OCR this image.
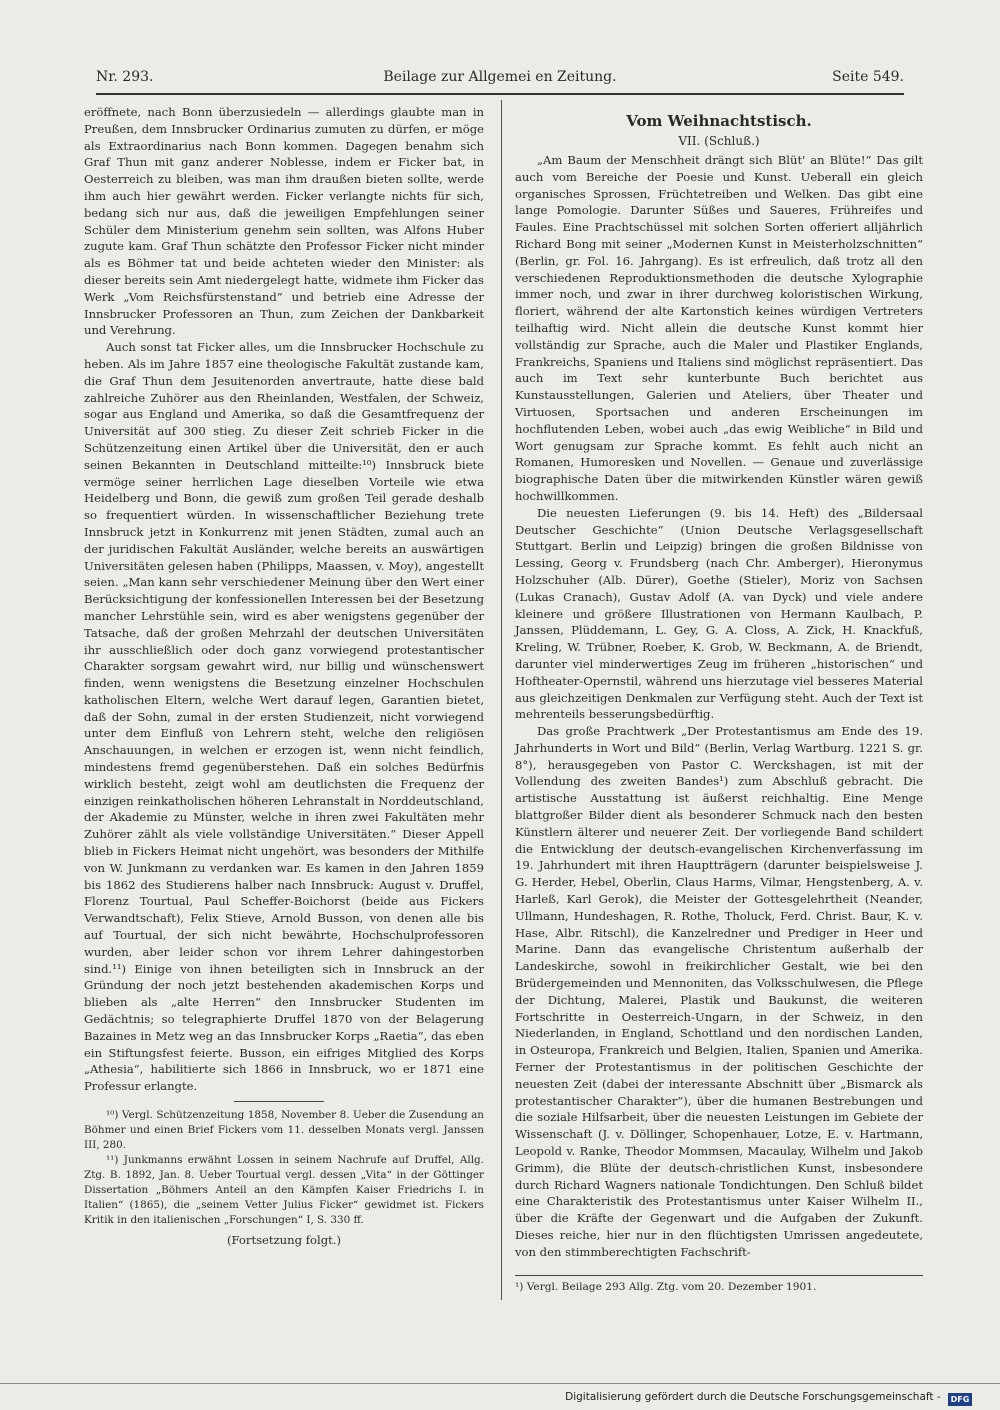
Nr. 293.	Beilage zur Allgemei en Zeitung.	Seite 549.

eröffnete, nach Bonn überzusiedeln — allerdings glaubte man in Preußen, dem Innsbrucker Ordinarius zumuten zu dürfen, er möge als Extraordinarius nach Bonn kommen. Dagegen benahm sich Graf Thun mit ganz anderer Noblesse, indem er Ficker bat, in Oesterreich zu bleiben, was man ihm draußen bieten sollte, werde ihm auch hier gewährt werden. Ficker verlangte nichts für sich, bedang sich nur aus, daß die jeweiligen Empfehlungen seiner Schüler dem Ministerium genehm sein sollten, was Alfons Huber zugute kam. Graf Thun schätzte den Professor Ficker nicht minder als es Böhmer tat und beide achteten wieder den Minister: als dieser bereits sein Amt niedergelegt hatte, widmete ihm Ficker das Werk „Vom Reichsfürstenstand“ und betrieb eine Adresse der Innsbrucker Professoren an Thun, zum Zeichen der Dankbarkeit und Verehrung.

Auch sonst tat Ficker alles, um die Innsbrucker Hochschule zu heben. Als im Jahre 1857 eine theologische Fakultät zustande kam, die Graf Thun dem Jesuitenorden anvertraute, hatte diese bald zahlreiche Zuhörer aus den Rheinlanden, Westfalen, der Schweiz, sogar aus England und Amerika, so daß die Gesamtfrequenz der Universität auf 300 stieg. Zu dieser Zeit schrieb Ficker in die Schützenzeitung einen Artikel über die Universität, den er auch seinen Bekannten in Deutschland mitteilte:¹⁰) Innsbruck biete vermöge seiner herrlichen Lage dieselben Vorteile wie etwa Heidelberg und Bonn, die gewiß zum großen Teil gerade deshalb so frequentiert würden. In wissenschaftlicher Beziehung trete Innsbruck jetzt in Konkurrenz mit jenen Städten, zumal auch an der juridischen Fakultät Ausländer, welche bereits an auswärtigen Universitäten gelesen haben (Philipps, Maassen, v. Moy), angestellt seien. „Man kann sehr verschiedener Meinung über den Wert einer Berücksichtigung der konfessionellen Interessen bei der Besetzung mancher Lehrstühle sein, wird es aber wenigstens gegenüber der Tatsache, daß der großen Mehrzahl der deutschen Universitäten ihr ausschließlich oder doch ganz vorwiegend protestantischer Charakter sorgsam gewahrt wird, nur billig und wünschenswert finden, wenn wenigstens die Besetzung einzelner Hochschulen katholischen Eltern, welche Wert darauf legen, Garantien bietet, daß der Sohn, zumal in der ersten Studienzeit, nicht vorwiegend unter dem Einfluß von Lehrern steht, welche den religiösen Anschauungen, in welchen er erzogen ist, wenn nicht feindlich, mindestens fremd gegenüberstehen. Daß ein solches Bedürfnis wirklich besteht, zeigt wohl am deutlichsten die Frequenz der einzigen reinkatholischen höheren Lehranstalt in Norddeutschland, der Akademie zu Münster, welche in ihren zwei Fakultäten mehr Zuhörer zählt als viele vollständige Universitäten.“ Dieser Appell blieb in Fickers Heimat nicht ungehört, was besonders der Mithilfe von W. Junkmann zu verdanken war. Es kamen in den Jahren 1859 bis 1862 des Studierens halber nach Innsbruck: August v. Druffel, Florenz Tourtual, Paul Scheffer-Boichorst (beide aus Fickers Verwandtschaft), Felix Stieve, Arnold Busson, von denen alle bis auf Tourtual, der sich nicht bewährte, Hochschulprofessoren wurden, aber leider schon vor ihrem Lehrer dahingestorben sind.¹¹) Einige von ihnen beteiligten sich in Innsbruck an der Gründung der noch jetzt bestehenden akademischen Korps und blieben als „alte Herren“ den Innsbrucker Studenten im Gedächtnis; so telegraphierte Druffel 1870 von der Belagerung Bazaines in Metz weg an das Innsbrucker Korps „Raetia“, das eben ein Stiftungsfest feierte. Busson, ein eifriges Mitglied des Korps „Athesia“, habilitierte sich 1866 in Innsbruck, wo er 1871 eine Professur erlangte.

¹⁰) Vergl. Schützenzeitung 1858, November 8. Ueber die Zusendung an Böhmer und einen Brief Fickers vom 11. desselben Monats vergl. Janssen III, 280.

¹¹) Junkmanns erwähnt Lossen in seinem Nachrufe auf Druffel, Allg. Ztg. B. 1892, Jan. 8. Ueber Tourtual vergl. dessen „Vita“ in der Göttinger Dissertation „Böhmers Anteil an den Kämpfen Kaiser Friedrichs I. in Italien“ (1865), die „seinem Vetter Julius Ficker“ gewidmet ist. Fickers Kritik in den italienischen „Forschungen“ I, S. 330 ff.

(Fortsetzung folgt.)
Vom Weihnachtstisch.
VII. (Schluß.)

„Am Baum der Menschheit drängt sich Blüt' an Blüte!“ Das gilt auch vom Bereiche der Poesie und Kunst. Ueberall ein gleich organisches Sprossen, Früchtetreiben und Welken. Das gibt eine lange Pomologie. Darunter Süßes und Saueres, Frühreifes und Faules. Eine Prachtschüssel mit solchen Sorten offeriert alljährlich Richard Bong mit seiner „Modernen Kunst in Meisterholzschnitten“ (Berlin, gr. Fol. 16. Jahrgang). Es ist erfreulich, daß trotz all den verschiedenen Reproduktionsmethoden die deutsche Xylographie immer noch, und zwar in ihrer durchweg koloristischen Wirkung, floriert, während der alte Kartonstich keines würdigen Vertreters teilhaftig wird. Nicht allein die deutsche Kunst kommt hier vollständig zur Sprache, auch die Maler und Plastiker Englands, Frankreichs, Spaniens und Italiens sind möglichst repräsentiert. Das auch im Text sehr kunterbunte Buch berichtet aus Kunstausstellungen, Galerien und Ateliers, über Theater und Virtuosen, Sportsachen und anderen Erscheinungen im hochflutenden Leben, wobei auch „das ewig Weibliche“ in Bild und Wort genugsam zur Sprache kommt. Es fehlt auch nicht an Romanen, Humoresken und Novellen. — Genaue und zuverlässige biographische Daten über die mitwirkenden Künstler wären gewiß hochwillkommen.

Die neuesten Lieferungen (9. bis 14. Heft) des „Bildersaal Deutscher Geschichte“ (Union Deutsche Verlagsgesellschaft Stuttgart. Berlin und Leipzig) bringen die großen Bildnisse von Lessing, Georg v. Frundsberg (nach Chr. Amberger), Hieronymus Holzschuher (Alb. Dürer), Goethe (Stieler), Moriz von Sachsen (Lukas Cranach), Gustav Adolf (A. van Dyck) und viele andere kleinere und größere Illustrationen von Hermann Kaulbach, P. Janssen, Plüddemann, L. Gey, G. A. Closs, A. Zick, H. Knackfuß, Kreling, W. Trübner, Roeber, K. Grob, W. Beckmann, A. de Briendt, darunter viel minderwertiges Zeug im früheren „historischen“ und Hoftheater-Opernstil, während uns hierzutage viel besseres Material aus gleichzeitigen Denkmalen zur Verfügung steht. Auch der Text ist mehrenteils besserungsbedürftig.

Das große Prachtwerk „Der Protestantismus am Ende des 19. Jahrhunderts in Wort und Bild“ (Berlin, Verlag Wartburg. 1221 S. gr. 8°), herausgegeben von Pastor C. Werckshagen, ist mit der Vollendung des zweiten Bandes¹) zum Abschluß gebracht. Die artistische Ausstattung ist äußerst reichhaltig. Eine Menge blattgroßer Bilder dient als besonderer Schmuck nach den besten Künstlern älterer und neuerer Zeit. Der vorliegende Band schildert die Entwicklung der deutsch-evangelischen Kirchenverfassung im 19. Jahrhundert mit ihren Hauptträgern (darunter beispielsweise J. G. Herder, Hebel, Oberlin, Claus Harms, Vilmar, Hengstenberg, A. v. Harleß, Karl Gerok), die Meister der Gottesgelehrtheit (Neander, Ullmann, Hundeshagen, R. Rothe, Tholuck, Ferd. Christ. Baur, K. v. Hase, Albr. Ritschl), die Kanzelredner und Prediger in Heer und Marine. Dann das evangelische Christentum außerhalb der Landeskirche, sowohl in freikirchlicher Gestalt, wie bei den Brüdergemeinden und Mennoniten, das Volksschulwesen, die Pflege der Dichtung, Malerei, Plastik und Baukunst, die weiteren Fortschritte in Oesterreich-Ungarn, in der Schweiz, in den Niederlanden, in England, Schottland und den nordischen Landen, in Osteuropa, Frankreich und Belgien, Italien, Spanien und Amerika. Ferner der Protestantismus in der politischen Geschichte der neuesten Zeit (dabei der interessante Abschnitt über „Bismarck als protestantischer Charakter“), über die humanen Bestrebungen und die soziale Hilfsarbeit, über die neuesten Leistungen im Gebiete der Wissenschaft (J. v. Döllinger, Schopenhauer, Lotze, E. v. Hartmann, Leopold v. Ranke, Theodor Mommsen, Macaulay, Wilhelm und Jakob Grimm), die Blüte der deutsch-christlichen Kunst, insbesondere durch Richard Wagners nationale Tondichtungen. Den Schluß bildet eine Charakteristik des Protestantismus unter Kaiser Wilhelm II., über die Kräfte der Gegenwart und die Aufgaben der Zukunft. Dieses reiche, hier nur in den flüchtigsten Umrissen angedeutete, von den stimmberechtigten Fachschrift-

¹) Vergl. Beilage 293 Allg. Ztg. vom 20. Dezember 1901.
Digitalisierung gefördert durch die Deutsche Forschungsgemeinschaft - DFG
